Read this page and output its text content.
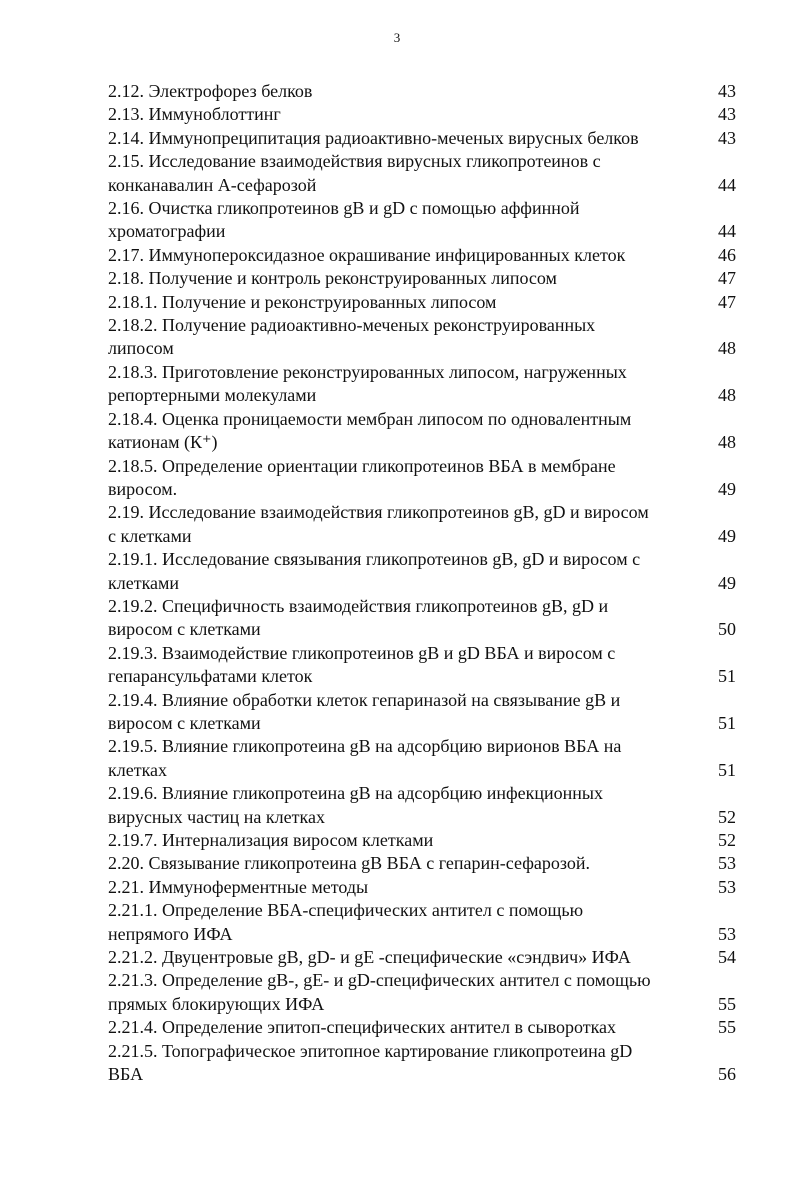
3
2.12. Электрофорез белков	43
2.13. Иммуноблоттинг	43
2.14. Иммунопреципитация радиоактивно-меченых вирусных белков	43
2.15. Исследование взаимодействия вирусных гликопротеинов с
конканавалин А-сефарозой	44
2.16. Очистка гликопротеинов gB и gD с помощью аффинной
хроматографии	44
2.17. Иммунопероксидазное окрашивание инфицированных клеток	46
2.18. Получение и контроль реконструированных липосом	47
2.18.1. Получение и реконструированных липосом	47
2.18.2. Получение радиоактивно-меченых реконструированных
липосом	48
2.18.3. Приготовление реконструированных липосом, нагруженных
репортерными молекулами	48
2.18.4. Оценка проницаемости мембран липосом по одновалентным
катионам (К⁺)	48
2.18.5. Определение ориентации гликопротеинов ВБА в мембране
виросом.	49
2.19. Исследование взаимодействия гликопротеинов gB, gD и виросом
с клетками	49
2.19.1. Исследование связывания гликопротеинов gB, gD и виросом с
клетками	49
2.19.2. Специфичность взаимодействия гликопротеинов gB, gD и
виросом с клетками	50
2.19.3. Взаимодействие гликопротеинов gB и gD ВБА и виросом с
гепарансульфатами клеток	51
2.19.4. Влияние обработки клеток гепариназой на связывание gB и
виросом с клетками	51
2.19.5. Влияние гликопротеина gB на адсорбцию вирионов ВБА на
клетках	51
2.19.6. Влияние гликопротеина gB на адсорбцию инфекционных
вирусных частиц на клетках	52
2.19.7. Интернализация виросом клетками	52
2.20. Связывание гликопротеина gB ВБА с гепарин-сефарозой.	53
2.21. Иммуноферментные методы	53
2.21.1. Определение ВБА-специфических антител с помощью
непрямого ИФА	53
2.21.2. Двуцентровые gB, gD- и gE -специфические «сэндвич» ИФА	54
2.21.3. Определение gB-, gE- и gD-специфических антител с помощью
прямых блокирующих ИФА	55
2.21.4. Определение эпитоп-специфических антител в сыворотках	55
2.21.5. Топографическое эпитопное картирование гликопротеина gD
ВБА	56
